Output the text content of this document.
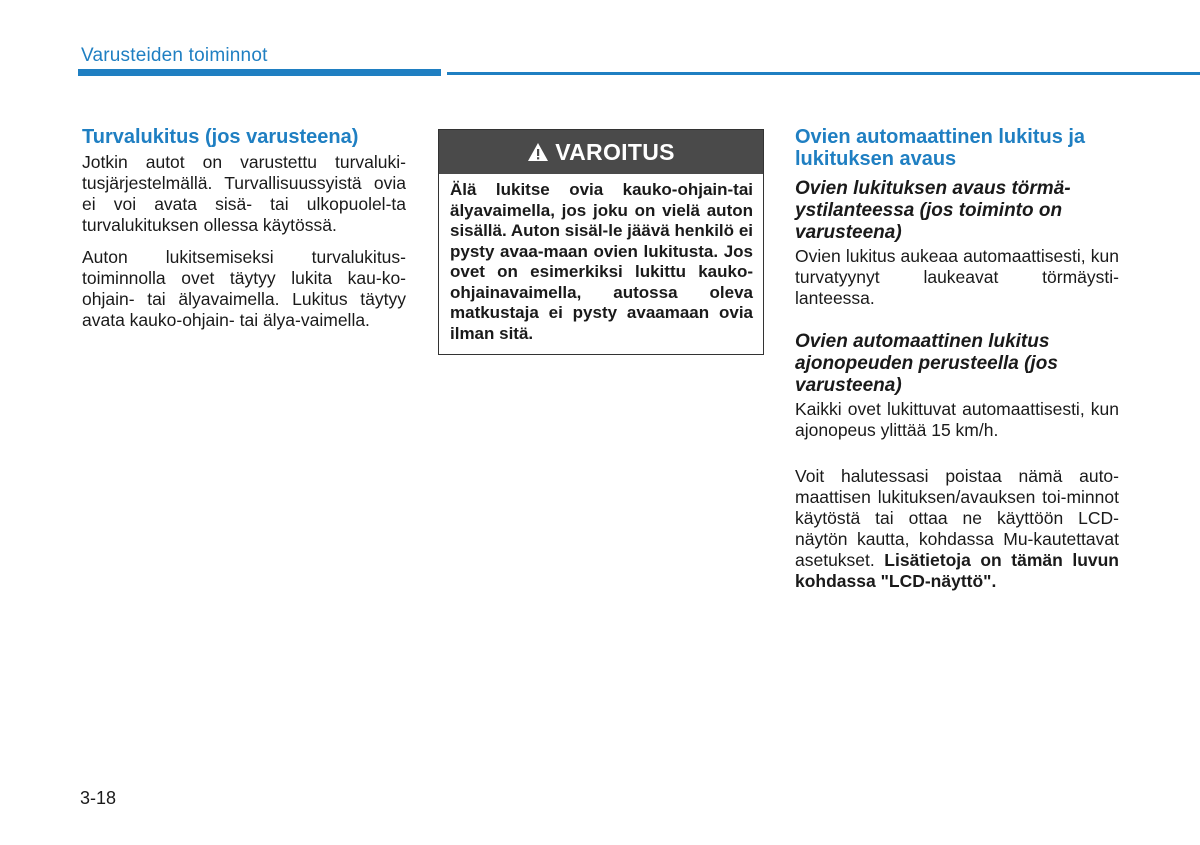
Varusteiden toiminnot
Turvalukitus (jos varusteena)

Jotkin autot on varustettu turvaluki-tusjärjestelmällä. Turvallisuussyistä ovia ei voi avata sisä- tai ulkopuolel-ta turvalukituksen ollessa käytössä.

Auton lukitsemiseksi turvalukitus-toiminnolla ovet täytyy lukita kau-ko-ohjain- tai älyavaimella. Lukitus täytyy avata kauko-ohjain- tai älya-vaimella.

VAROITUS
Älä lukitse ovia kauko-ohjain-tai älyavaimella, jos joku on vielä auton sisällä. Auton sisäl-le jäävä henkilö ei pysty avaa-maan ovien lukitusta. Jos ovet on esimerkiksi lukittu kauko-ohjainavaimella, autossa oleva matkustaja ei pysty avaamaan ovia ilman sitä.
Ovien automaattinen lukitus ja lukituksen avaus
Ovien lukituksen avaus törmä-ystilanteessa (jos toiminto on varusteena)

Ovien lukitus aukeaa automaattisesti, kun turvatyynyt laukeavat törmäysti-lanteessa.

Ovien automaattinen lukitus ajonopeuden perusteella (jos varusteena)

Kaikki ovet lukittuvat automaattisesti, kun ajonopeus ylittää 15 km/h.

Voit halutessasi poistaa nämä auto-maattisen lukituksen/avauksen toi-minnot käytöstä tai ottaa ne käyttöön LCD-näytön kautta, kohdassa Mu-kautettavat asetukset. Lisätietoja on tämän luvun kohdassa "LCD-näyttö".

3-18
